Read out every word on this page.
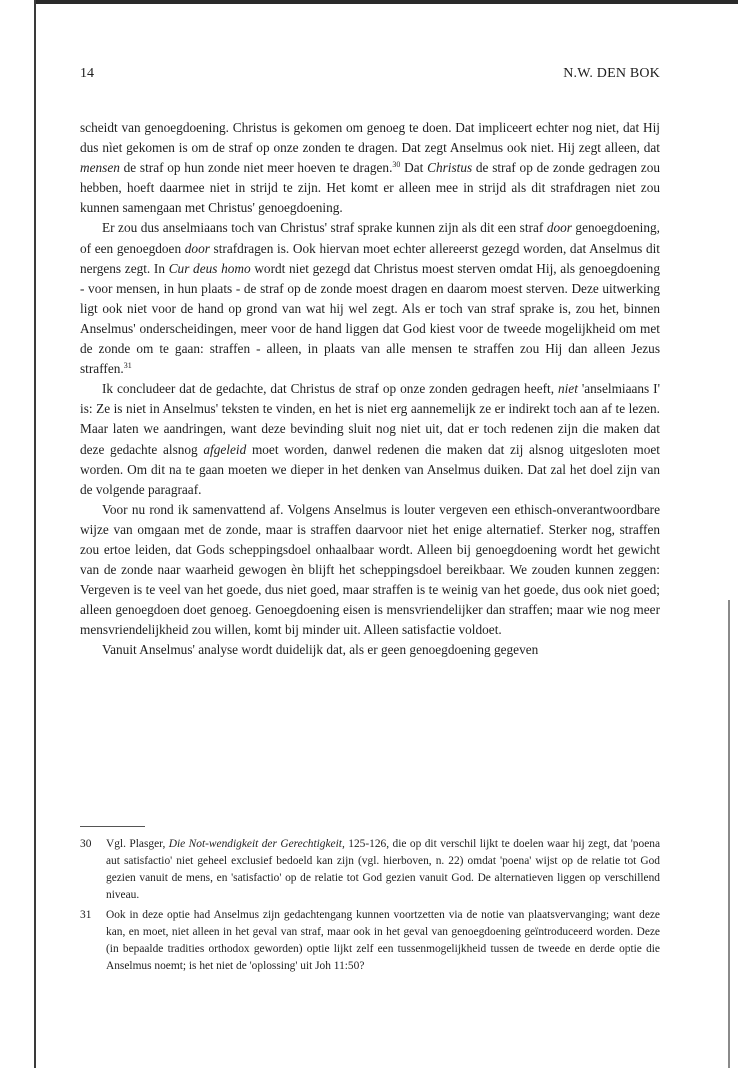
14	N.W. DEN BOK

scheidt van genoegdoening. Christus is gekomen om genoeg te doen. Dat impliceert echter nog niet, dat Hij dus nìet gekomen is om de straf op onze zonden te dragen. Dat zegt Anselmus ook niet. Hij zegt alleen, dat mensen de straf op hun zonde niet meer hoeven te dragen.$^{30}$ Dat Christus de straf op de zonde gedragen zou hebben, hoeft daarmee niet in strijd te zijn. Het komt er alleen mee in strijd als dit strafdragen niet zou kunnen samengaan met Christus' genoegdoening.

Er zou dus anselmiaans toch van Christus' straf sprake kunnen zijn als dit een straf door genoegdoening, of een genoegdoen door strafdragen is. Ook hiervan moet echter allereerst gezegd worden, dat Anselmus dit nergens zegt. In Cur deus homo wordt niet gezegd dat Christus moest sterven omdat Hij, als genoegdoening - voor mensen, in hun plaats - de straf op de zonde moest dragen en daarom moest sterven. Deze uitwerking ligt ook niet voor de hand op grond van wat hij wel zegt. Als er toch van straf sprake is, zou het, binnen Anselmus' onderscheidingen, meer voor de hand liggen dat God kiest voor de tweede mogelijkheid om met de zonde om te gaan: straffen - alleen, in plaats van alle mensen te straffen zou Hij dan alleen Jezus straffen.$^{31}$

Ik concludeer dat de gedachte, dat Christus de straf op onze zonden gedragen heeft, niet 'anselmiaans I' is: Ze is niet in Anselmus' teksten te vinden, en het is niet erg aannemelijk ze er indirekt toch aan af te lezen. Maar laten we aandringen, want deze bevinding sluit nog niet uit, dat er toch redenen zijn die maken dat deze gedachte alsnog afgeleid moet worden, danwel redenen die maken dat zij alsnog uitgesloten moet worden. Om dit na te gaan moeten we dieper in het denken van Anselmus duiken. Dat zal het doel zijn van de volgende paragraaf.

Voor nu rond ik samenvattend af. Volgens Anselmus is louter vergeven een ethisch-onverantwoordbare wijze van omgaan met de zonde, maar is straffen daarvoor niet het enige alternatief. Sterker nog, straffen zou ertoe leiden, dat Gods scheppingsdoel onhaalbaar wordt. Alleen bij genoegdoening wordt het gewicht van de zonde naar waarheid gewogen èn blijft het scheppingsdoel bereikbaar. We zouden kunnen zeggen: Vergeven is te veel van het goede, dus niet goed, maar straffen is te weinig van het goede, dus ook niet goed; alleen genoegdoen doet genoeg. Genoegdoening eisen is mensvriendelijker dan straffen; maar wie nog meer mensvriendelijkheid zou willen, komt bij minder uit. Alleen satisfactie voldoet.

Vanuit Anselmus' analyse wordt duidelijk dat, als er geen genoegdoening gegeven

30 Vgl. Plasger, Die Not-wendigkeit der Gerechtigkeit, 125-126, die op dit verschil lijkt te doelen waar hij zegt, dat 'poena aut satisfactio' niet geheel exclusief bedoeld kan zijn (vgl. hierboven, n. 22) omdat 'poena' wijst op de relatie tot God gezien vanuit de mens, en 'satisfactio' op de relatie tot God gezien vanuit God. De alternatieven liggen op verschillend niveau.
31 Ook in deze optie had Anselmus zijn gedachtengang kunnen voortzetten via de notie van plaatsvervanging; want deze kan, en moet, niet alleen in het geval van straf, maar ook in het geval van genoegdoening geïntroduceerd worden. Deze (in bepaalde tradities orthodox geworden) optie lijkt zelf een tussenmogelijkheid tussen de tweede en derde optie die Anselmus noemt; is het niet de 'oplossing' uit Joh 11:50?
